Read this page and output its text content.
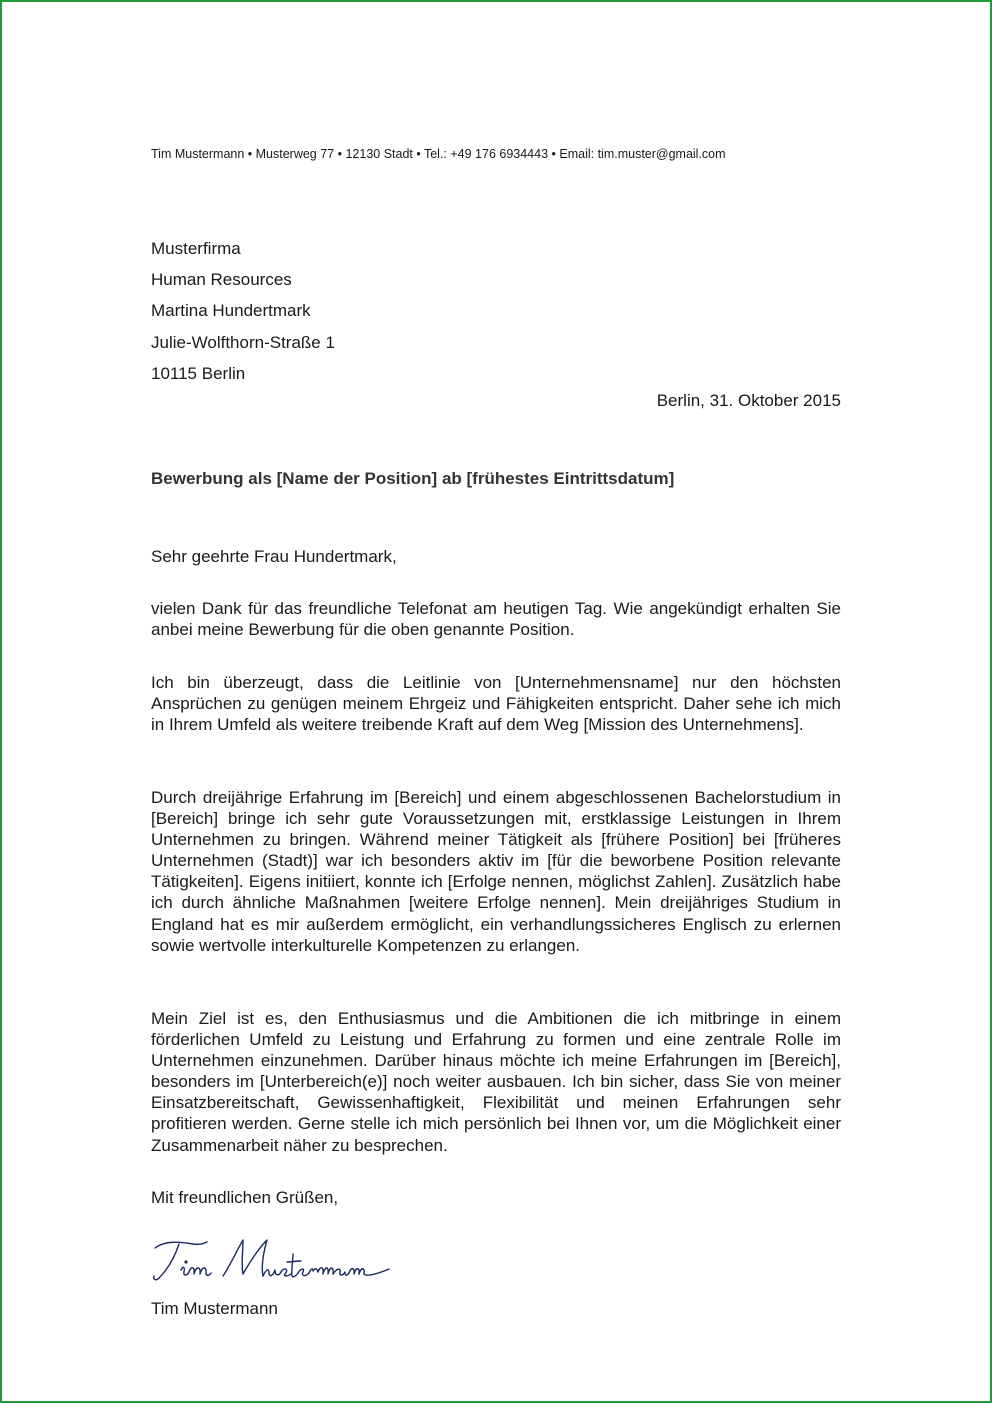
Tim Mustermann • Musterweg 77 • 12130 Stadt • Tel.: +49 176 6934443 • Email: tim.muster@gmail.com
Musterfirma
Human Resources
Martina Hundertmark
Julie-Wolfthorn-Straße 1
10115 Berlin
Berlin, 31. Oktober 2015
Bewerbung als [Name der Position] ab [frühestes Eintrittsdatum]
Sehr geehrte Frau Hundertmark,

vielen Dank für das freundliche Telefonat am heutigen Tag. Wie angekündigt erhalten Sie anbei meine Bewerbung für die oben genannte Position.

Ich bin überzeugt, dass die Leitlinie von [Unternehmensname] nur den höchsten Ansprüchen zu genügen meinem Ehrgeiz und Fähigkeiten entspricht. Daher sehe ich mich in Ihrem Umfeld als weitere treibende Kraft auf dem Weg [Mission des Unternehmens].

Durch dreijährige Erfahrung im [Bereich] und einem abgeschlossenen Bachelorstudium in [Bereich] bringe ich sehr gute Voraussetzungen mit, erstklassige Leistungen in Ihrem Unternehmen zu bringen. Während meiner Tätigkeit als [frühere Position] bei [früheres Unternehmen (Stadt)] war ich besonders aktiv im [für die beworbene Position relevante Tätigkeiten]. Eigens initiiert, konnte ich [Erfolge nennen, möglichst Zahlen]. Zusätzlich habe ich durch ähnliche Maßnahmen [weitere Erfolge nennen]. Mein dreijähriges Studium in England hat es mir außerdem ermöglicht, ein verhandlungssicheres Englisch zu erlernen sowie wertvolle interkulturelle Kompetenzen zu erlangen.

Mein Ziel ist es, den Enthusiasmus und die Ambitionen die ich mitbringe in einem förderlichen Umfeld zu Leistung und Erfahrung zu formen und eine zentrale Rolle im Unternehmen einzunehmen. Darüber hinaus möchte ich meine Erfahrungen im [Bereich], besonders im [Unterbereich(e)] noch weiter ausbauen. Ich bin sicher, dass Sie von meiner Einsatzbereitschaft, Gewissenhaftigkeit, Flexibilität und meinen Erfahrungen sehr profitieren werden. Gerne stelle ich mich persönlich bei Ihnen vor, um die Möglichkeit einer Zusammenarbeit näher zu besprechen.

Mit freundlichen Grüßen,
Tim Mustermann
